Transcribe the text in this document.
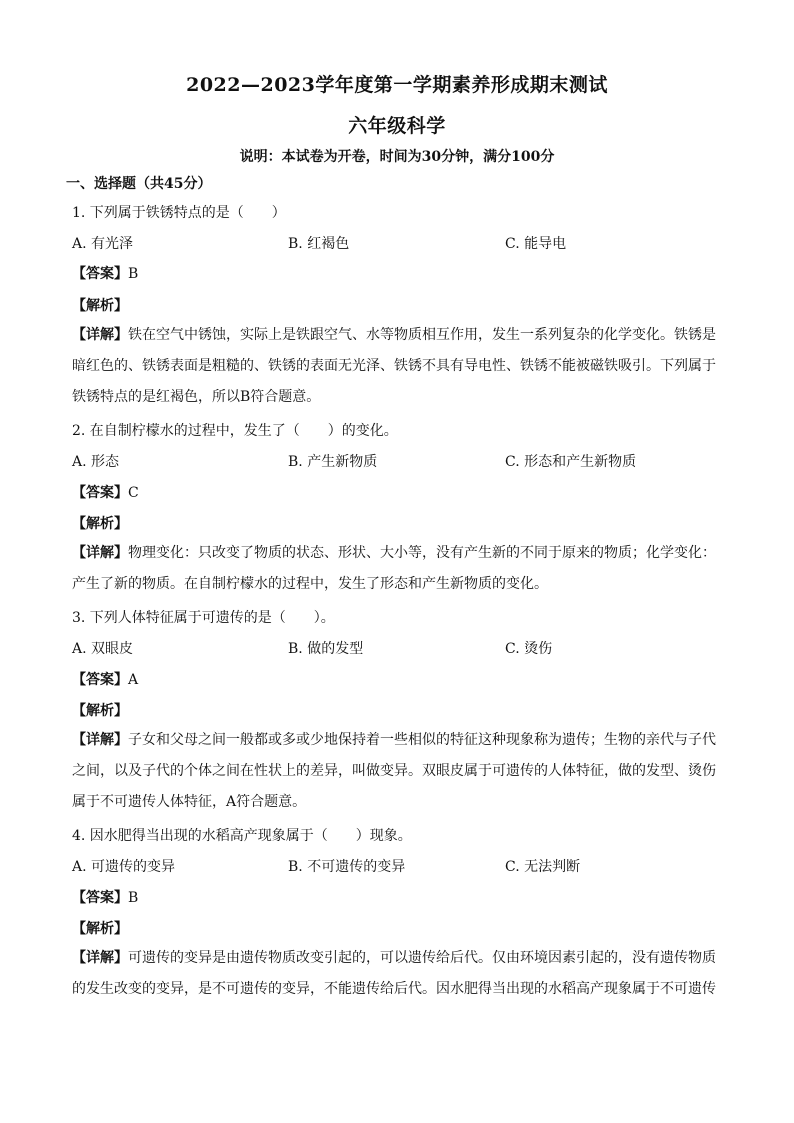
2022—2023学年度第一学期素养形成期末测试
六年级科学
说明：本试卷为开卷，时间为30分钟，满分100分
一、选择题（共45分）
1. 下列属于铁锈特点的是（　　）
A. 有光泽	B. 红褐色	C. 能导电
【答案】B
【解析】
【详解】铁在空气中锈蚀，实际上是铁跟空气、水等物质相互作用，发生一系列复杂的化学变化。铁锈是
暗红色的、铁锈表面是粗糙的、铁锈的表面无光泽、铁锈不具有导电性、铁锈不能被磁铁吸引。下列属于
铁锈特点的是红褐色，所以B符合题意。
2. 在自制柠檬水的过程中，发生了（　　）的变化。
A. 形态	B. 产生新物质	C. 形态和产生新物质
【答案】C
【解析】
【详解】物理变化：只改变了物质的状态、形状、大小等，没有产生新的不同于原来的物质；化学变化：
产生了新的物质。在自制柠檬水的过程中，发生了形态和产生新物质的变化。
3. 下列人体特征属于可遗传的是（　　）。
A. 双眼皮	B. 做的发型	C. 烫伤
【答案】A
【解析】
【详解】子女和父母之间一般都或多或少地保持着一些相似的特征这种现象称为遗传；生物的亲代与子代
之间，以及子代的个体之间在性状上的差异，叫做变异。双眼皮属于可遗传的人体特征，做的发型、烫伤
属于不可遗传人体特征，A符合题意。
4. 因水肥得当出现的水稻高产现象属于（　　）现象。
A. 可遗传的变异	B. 不可遗传的变异	C. 无法判断
【答案】B
【解析】
【详解】可遗传的变异是由遗传物质改变引起的，可以遗传给后代。仅由环境因素引起的，没有遗传物质
的发生改变的变异，是不可遗传的变异，不能遗传给后代。因水肥得当出现的水稻高产现象属于不可遗传
